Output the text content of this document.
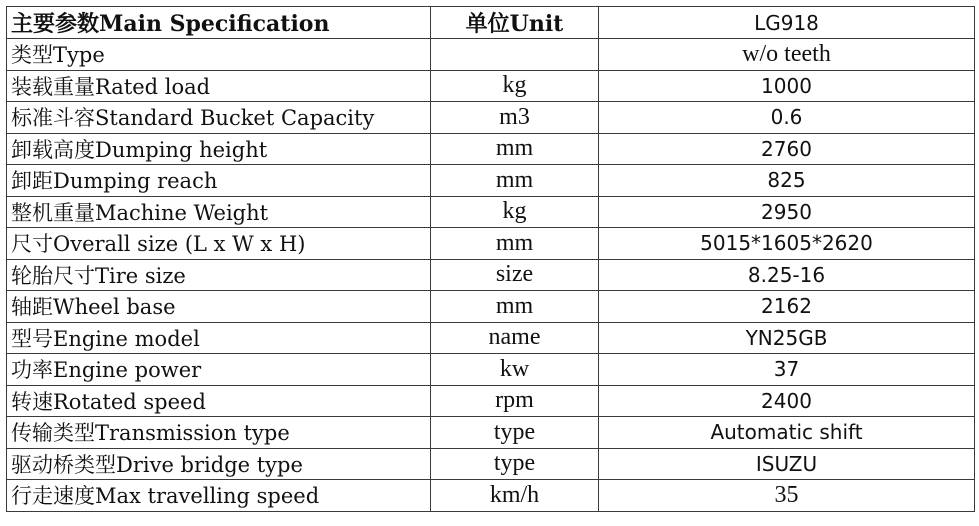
主要参数Main Specification	单位Unit	LG918
类型Type		w/o teeth
装载重量Rated load	kg	1000
标准斗容Standard Bucket Capacity	m3	0.6
卸载高度Dumping height	mm	2760
卸距Dumping reach	mm	825
整机重量Machine Weight	kg	2950
尺寸Overall size (L x W x H)	mm	5015*1605*2620
轮胎尺寸Tire size	size	8.25-16
轴距Wheel base	mm	2162
型号Engine model	name	YN25GB
功率Engine power	kw	37
转速Rotated speed	rpm	2400
传输类型Transmission type	type	Automatic shift
驱动桥类型Drive bridge type	type	ISUZU
行走速度Max travelling speed	km/h	35
